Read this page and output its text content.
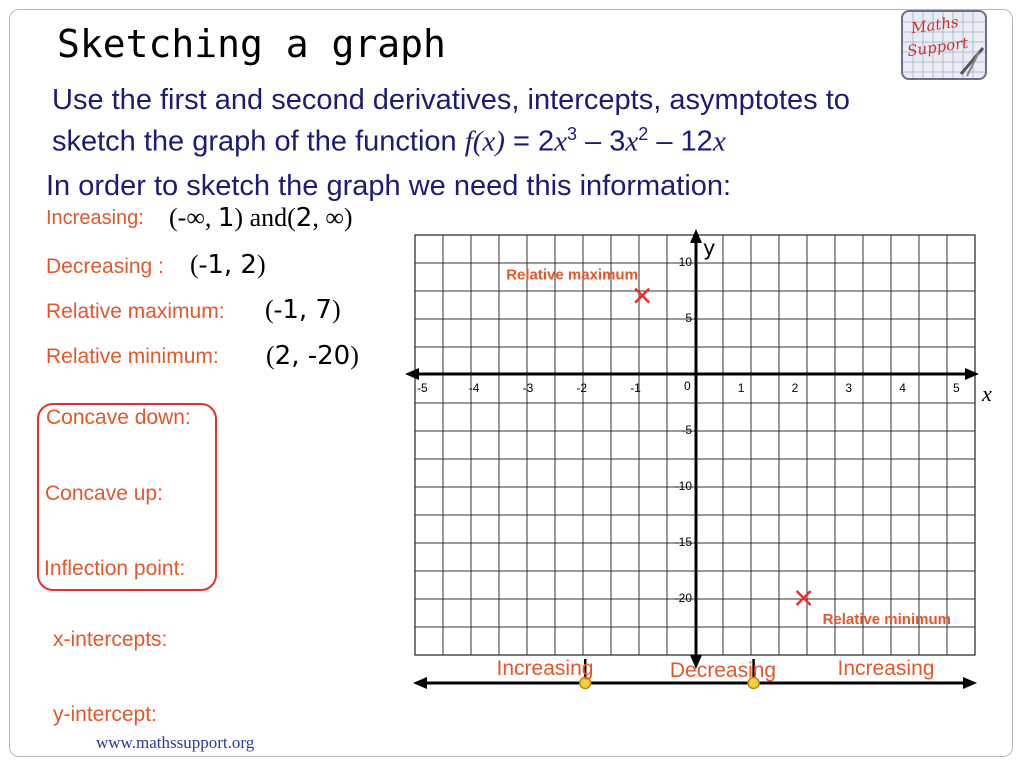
Sketching a graph	Maths
Support
Use the first and second derivatives, intercepts, asymptotes to
sketch the graph of the function $f(x) = 2x^3 - 3x^2 - 12x$
In order to sketch the graph we need this information:
Increasing: (-∞, 1) and(2, ∞)
Decreasing : (-1, 2)
Relative maximum: (-1, 7)
Relative minimum: (2, -20)
Concave down:
Concave up:
Inflection point:
x-intercepts:
y-intercept:
www.mathssupport.org
x
y
-5	-4	-3	-2	-1	0	1	2	3	4	5
10
5
-5
-10
-15
-20
Relative maximum
Relative minimum
Increasing	Decreasing	Increasing
